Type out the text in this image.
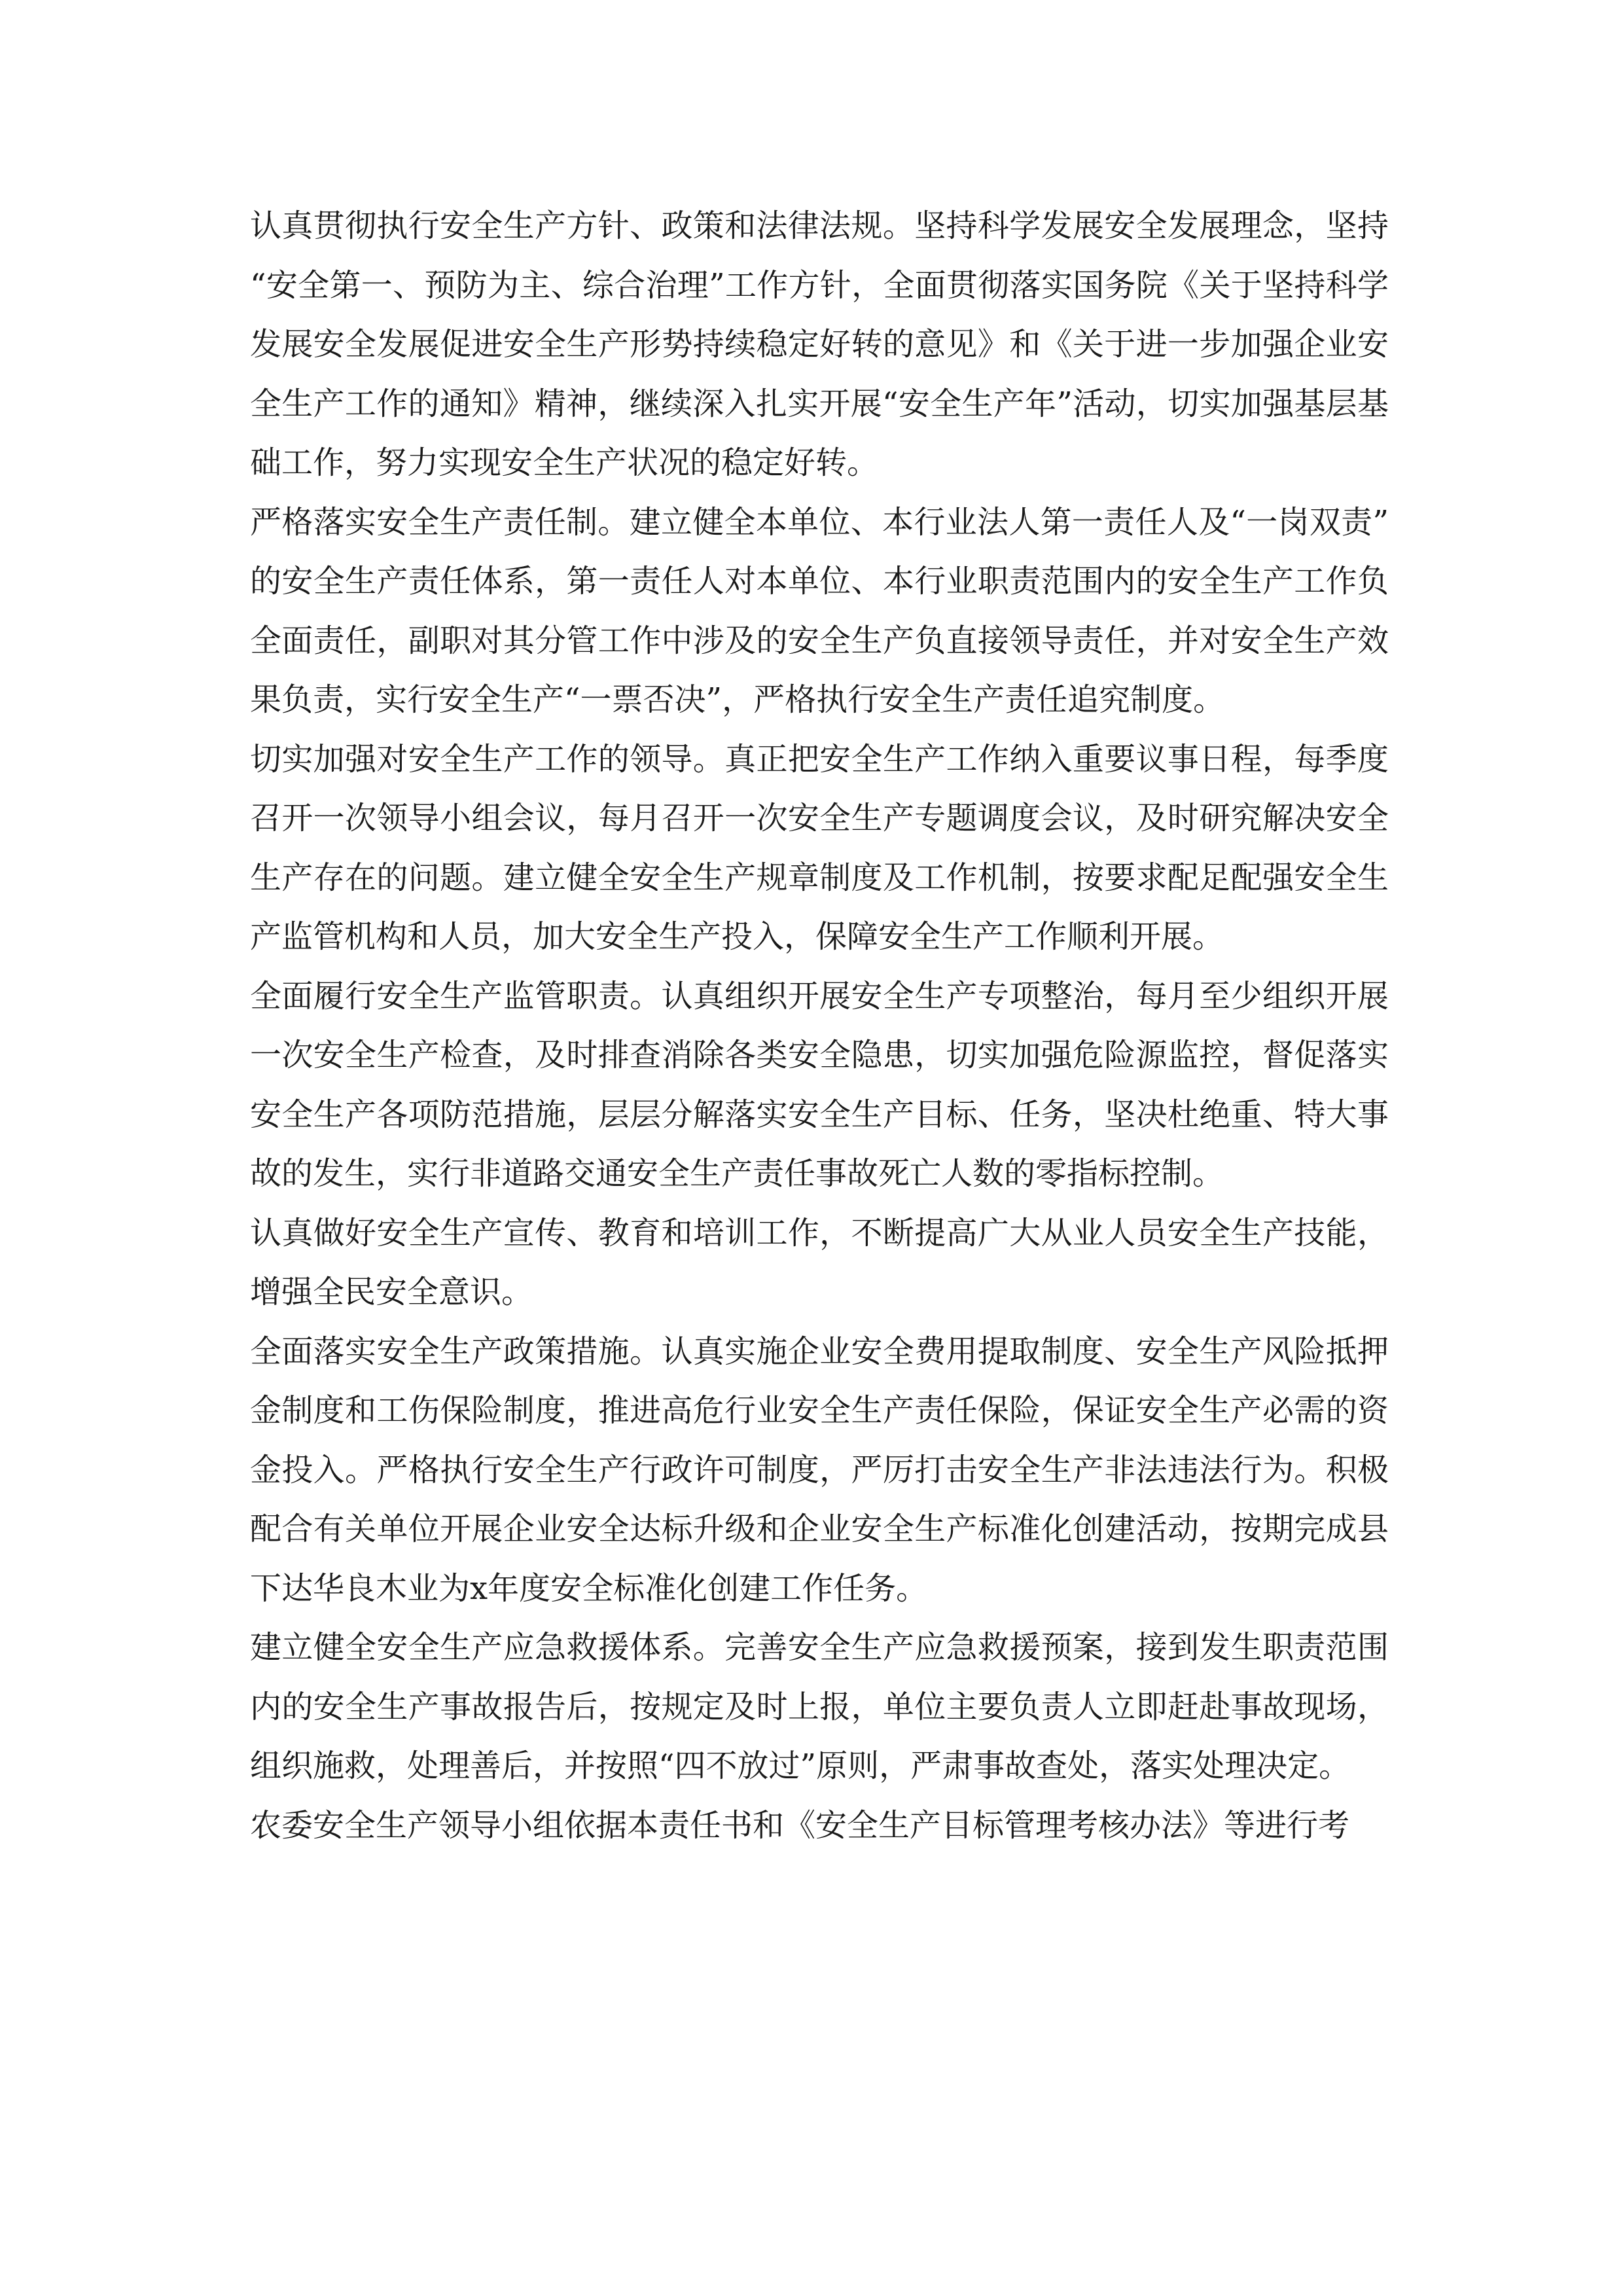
认真贯彻执行安全生产方针、政策和法律法规。坚持科学发展安全发展理念，坚持“安全第一、预防为主、综合治理”工作方针，全面贯彻落实国务院《关于坚持科学发展安全发展促进安全生产形势持续稳定好转的意见》和《关于进一步加强企业安全生产工作的通知》精神，继续深入扎实开展“安全生产年”活动，切实加强基层基础工作，努力实现安全生产状况的稳定好转。

严格落实安全生产责任制。建立健全本单位、本行业法人第一责任人及“一岗双责”的安全生产责任体系，第一责任人对本单位、本行业职责范围内的安全生产工作负全面责任，副职对其分管工作中涉及的安全生产负直接领导责任，并对安全生产效果负责，实行安全生产“一票否决”，严格执行安全生产责任追究制度。

切实加强对安全生产工作的领导。真正把安全生产工作纳入重要议事日程，每季度召开一次领导小组会议，每月召开一次安全生产专题调度会议，及时研究解决安全生产存在的问题。建立健全安全生产规章制度及工作机制，按要求配足配强安全生产监管机构和人员，加大安全生产投入，保障安全生产工作顺利开展。

全面履行安全生产监管职责。认真组织开展安全生产专项整治，每月至少组织开展一次安全生产检查，及时排查消除各类安全隐患，切实加强危险源监控，督促落实安全生产各项防范措施，层层分解落实安全生产目标、任务，坚决杜绝重、特大事故的发生，实行非道路交通安全生产责任事故死亡人数的零指标控制。

认真做好安全生产宣传、教育和培训工作，不断提高广大从业人员安全生产技能，增强全民安全意识。

全面落实安全生产政策措施。认真实施企业安全费用提取制度、安全生产风险抵押金制度和工伤保险制度，推进高危行业安全生产责任保险，保证安全生产必需的资金投入。严格执行安全生产行政许可制度，严厉打击安全生产非法违法行为。积极配合有关单位开展企业安全达标升级和企业安全生产标准化创建活动，按期完成县下达华良木业为x年度安全标准化创建工作任务。

建立健全安全生产应急救援体系。完善安全生产应急救援预案，接到发生职责范围内的安全生产事故报告后，按规定及时上报，单位主要负责人立即赶赴事故现场，组织施救，处理善后，并按照“四不放过”原则，严肃事故查处，落实处理决定。

农委安全生产领导小组依据本责任书和《安全生产目标管理考核办法》等进行考
